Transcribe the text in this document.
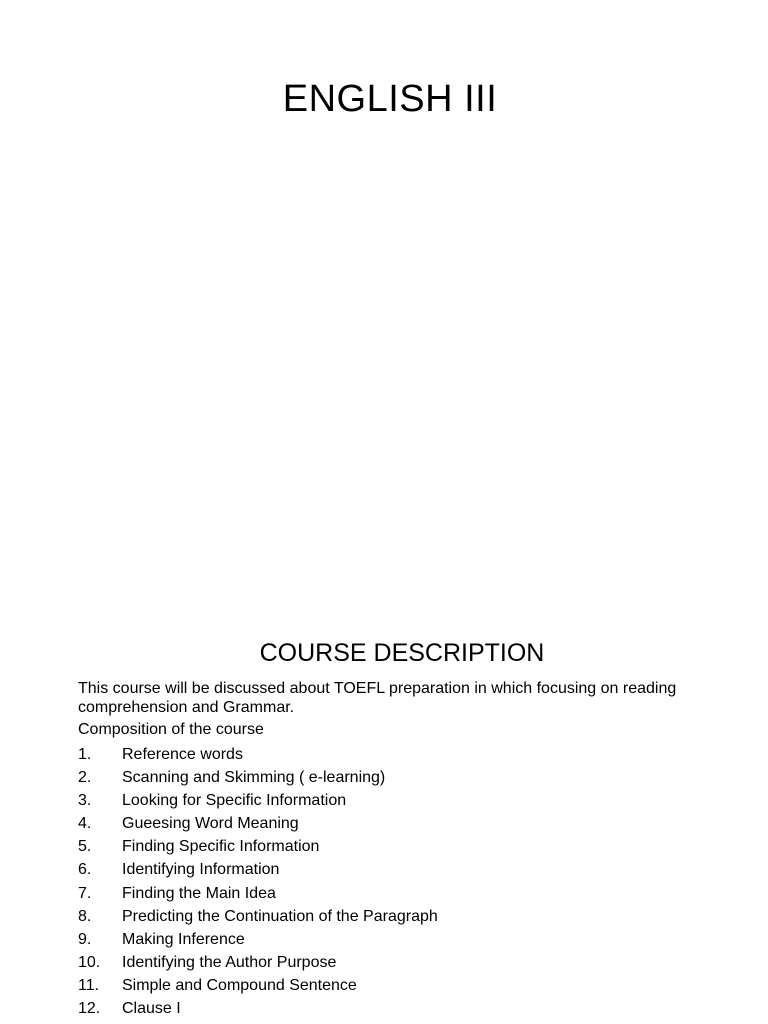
ENGLISH III
COURSE DESCRIPTION

This course will be discussed about TOEFL preparation in which focusing on reading comprehension and Grammar.

Composition of the course
1.	Reference words
2.	Scanning and Skimming ( e-learning)
3.	Looking for Specific Information
4.	Gueesing Word Meaning
5.	Finding Specific Information
6.	Identifying Information
7.	Finding the Main Idea
8.	Predicting the Continuation of the Paragraph
9.	Making Inference
10.	Identifying the Author Purpose
11.	Simple and Compound Sentence
12.	Clause I
